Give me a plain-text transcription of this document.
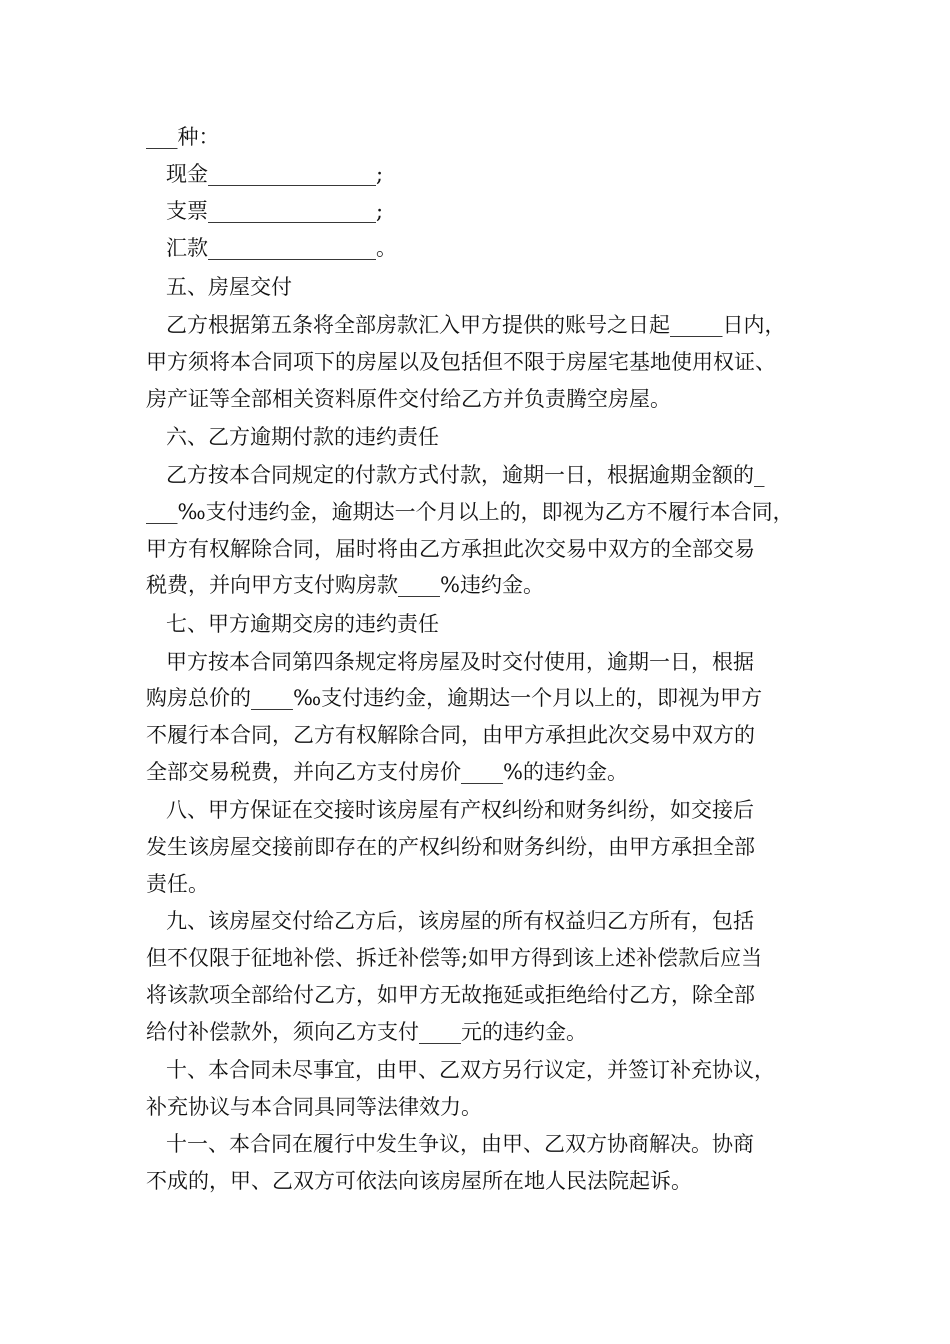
___种：
现金________________;
支票________________;
汇款________________。
五、房屋交付
乙方根据第五条将全部房款汇入甲方提供的账号之日起_____日内，
甲方须将本合同项下的房屋以及包括但不限于房屋宅基地使用权证、
房产证等全部相关资料原件交付给乙方并负责腾空房屋。
六、乙方逾期付款的违约责任
乙方按本合同规定的付款方式付款，逾期一日，根据逾期金额的_
___‰支付违约金，逾期达一个月以上的，即视为乙方不履行本合同，
甲方有权解除合同，届时将由乙方承担此次交易中双方的全部交易
税费，并向甲方支付购房款____%违约金。
七、甲方逾期交房的违约责任
甲方按本合同第四条规定将房屋及时交付使用，逾期一日，根据
购房总价的____‰支付违约金，逾期达一个月以上的，即视为甲方
不履行本合同，乙方有权解除合同，由甲方承担此次交易中双方的
全部交易税费，并向乙方支付房价____%的违约金。
八、甲方保证在交接时该房屋有产权纠纷和财务纠纷，如交接后
发生该房屋交接前即存在的产权纠纷和财务纠纷，由甲方承担全部
责任。
九、该房屋交付给乙方后，该房屋的所有权益归乙方所有，包括
但不仅限于征地补偿、拆迁补偿等;如甲方得到该上述补偿款后应当
将该款项全部给付乙方，如甲方无故拖延或拒绝给付乙方，除全部
给付补偿款外，须向乙方支付____元的违约金。
十、本合同未尽事宜，由甲、乙双方另行议定，并签订补充协议，
补充协议与本合同具同等法律效力。
十一、本合同在履行中发生争议，由甲、乙双方协商解决。协商
不成的，甲、乙双方可依法向该房屋所在地人民法院起诉。
